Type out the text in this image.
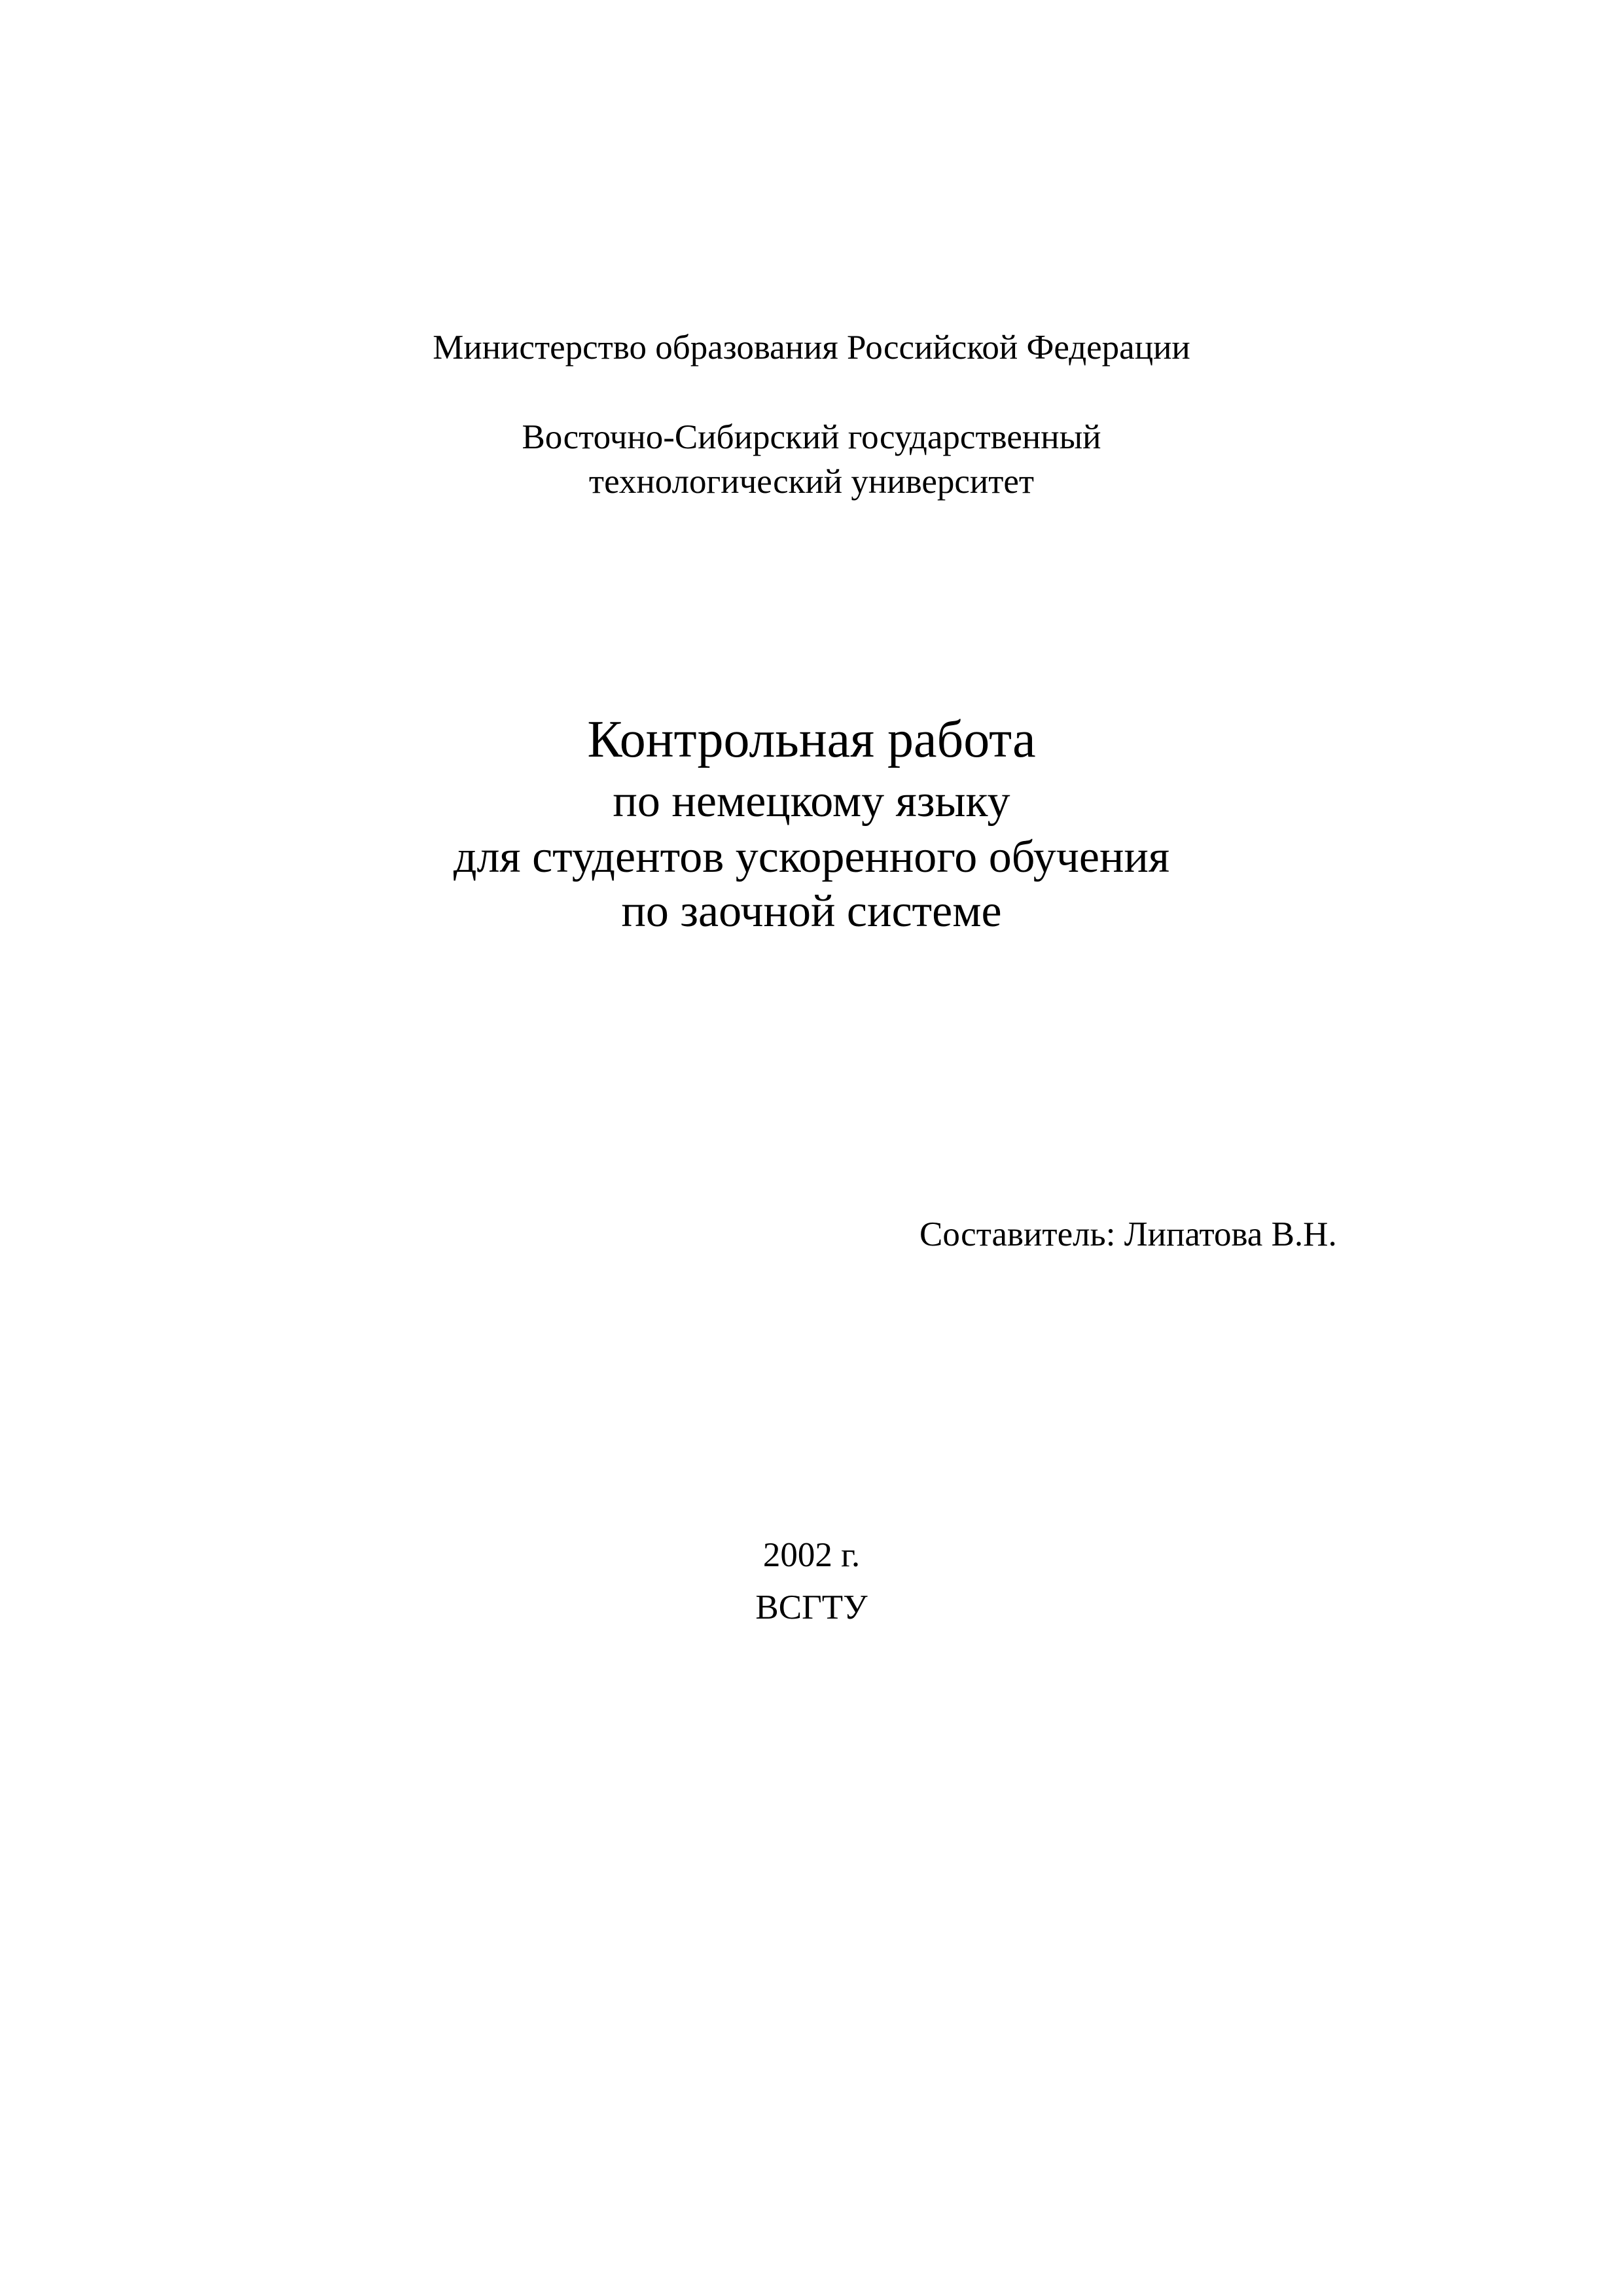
Министерство образования Российской Федерации
Восточно-Сибирский государственный
технологический университет
Контрольная работа
по немецкому языку
для студентов ускоренного обучения
по заочной системе
Составитель: Липатова В.Н.
2002 г.
ВСГТУ
